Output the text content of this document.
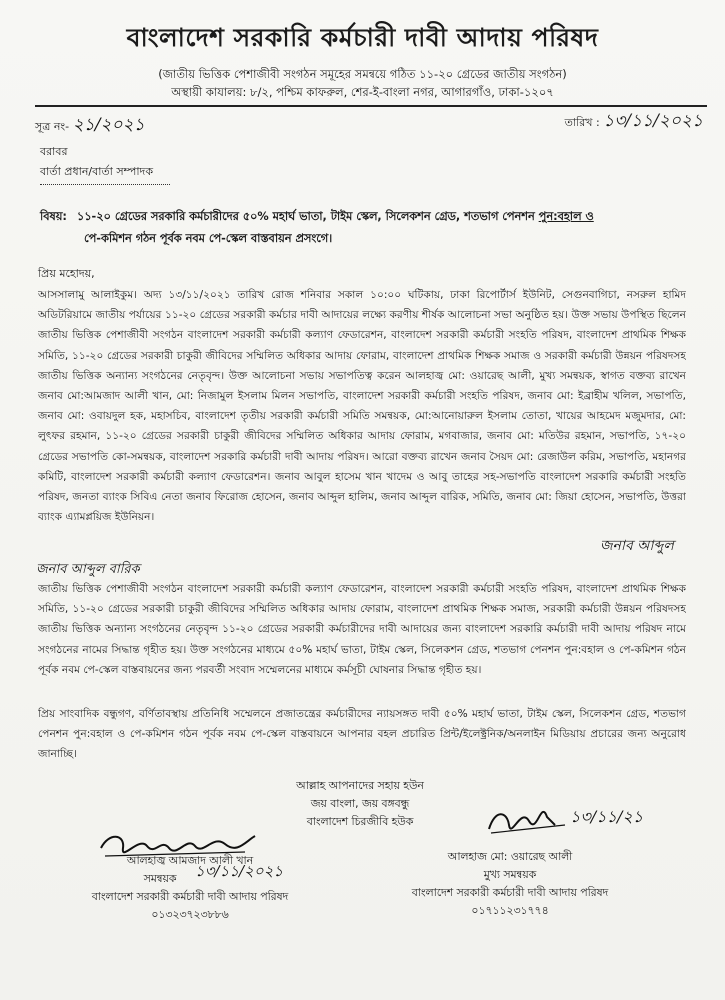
বাংলাদেশ সরকারি কর্মচারী দাবী আদায় পরিষদ
(জাতীয় ভিত্তিক পেশাজীবী সংগঠন সমূহের সমন্বয়ে গঠিত ১১-২০ গ্রেডের জাতীয় সংগঠন)
অস্থায়ী কাযালয়: ৮/২, পশ্চিম কাফরুল, শের-ই-বাংলা নগর, আগারগাঁও, ঢাকা-১২০৭
সূত্র নং- ২১/২০২১	তারিখ : ১৩/১১/২০২১
বরাবর
বার্তা প্রধান/বার্তা সম্পাদক
বিষয়: ১১-২০ গ্রেডের সরকারি কর্মচারীদের ৫০% মহার্ঘ ভাতা, টাইম স্কেল, সিলেকশন গ্রেড, শতভাগ পেনশন পুন:বহাল ও
পে-কমিশন গঠন পূর্বক নবম পে-স্কেল বাস্তবায়ন প্রসংগে।
প্রিয় মহোদয়,
আসসালামু আলাইকুম। অদ্য ১৩/১১/২০২১ তারিখ রোজ শনিবার সকাল ১০:০০ ঘটিকায়, ঢাকা রিপোর্টার্স ইউনিট, সেগুনবাগিচা, নসরুল হামিদ অডিটরিয়ামে জাতীয় পর্যায়ের ১১-২০ গ্রেডের সরকারী কর্মচার দাবী আদায়ের লক্ষ্যে করণীয় শীর্ষক আলোচনা সভা অনুষ্ঠিত হয়। উক্ত সভায় উপস্থিত ছিলেন জাতীয় ভিত্তিক পেশাজীবী সংগঠন বাংলাদেশ সরকারী কর্মচারী কল্যাণ ফেডারেশন, বাংলাদেশ সরকারী কর্মচারী সংহতি পরিষদ, বাংলাদেশ প্রাথমিক শিক্ষক সমিতি, ১১-২০ গ্রেডের সরকারী চাকুরী জীবিদের সম্মিলিত অধিকার আদায় ফোরাম, বাংলাদেশ প্রাথমিক শিক্ষক সমাজ ও সরকারী কর্মচারী উন্নয়ন পরিষদসহ জাতীয় ভিত্তিক অন্যান্য সংগঠনের নেতৃবৃন্দ। উক্ত আলোচনা সভায় সভাপতিত্ব করেন আলহাজ্ব মো: ওয়ারেছ আলী, মুখ্য সমন্বয়ক, স্বাগত বক্তব্য রাখেন জনাব মো:আমজাদ আলী খান, মো: নিজামুল ইসলাম মিলন সভাপতি, বাংলাদেশ সরকারী কর্মচারী সংহতি পরিষদ, জনাব মো: ইব্রাহীম খলিল, সভাপতি, জনাব মো: ওবায়দুল হক, মহাসচিব, বাংলাদেশ তৃতীয় সরকারী কর্মচারী সমিতি সমন্বয়ক, মো:আনোয়ারুল ইসলাম তোতা, খায়ের আহমেদ মজুমদার, মো: লুৎফর রহমান, ১১-২০ গ্রেডের সরকারী চাকুরী জীবিদের সম্মিলিত অধিকার আদায় ফোরাম, মগবাজার, জনাব মো: মতিউর রহমান, সভাপতি, ১৭-২০ গ্রেডের সভাপতি কো-সমন্বয়ক, বাংলাদেশ সরকারি কর্মচারী দাবী আদায় পরিষদ। আরো বক্তব্য রাখেন জনাব সৈয়দ মো: রেজাউল করিম, সভাপতি, মহানগর কমিটি, বাংলাদেশ সরকারী কর্মচারী কল্যাণ ফেডারেশন। জনাব আবুল হাসেম খান খাদেম ও আবু তাহের সহ-সভাপতি বাংলাদেশ সরকারি কর্মচারী সংহতি পরিষদ, জনতা ব্যাংক সিবিএ নেতা জনাব ফিরোজ হোসেন, জনাব আব্দুল হালিম, জনাব আব্দুল বারিক, সমিতি, জনাব মো: জিয়া হোসেন, সভাপতি, উত্তরা ব্যাংক এ্যামপ্লয়িজ ইউনিয়ন।
জনাব আব্দুল
জনাব আব্দুল বারিক
জাতীয় ভিত্তিক পেশাজীবী সংগঠন বাংলাদেশ সরকারী কর্মচারী কল্যাণ ফেডারেশন, বাংলাদেশ সরকারী কর্মচারী সংহতি পরিষদ, বাংলাদেশ প্রাথমিক শিক্ষক সমিতি, ১১-২০ গ্রেডের সরকারী চাকুরী জীবিদের সম্মিলিত অধিকার আদায় ফোরাম, বাংলাদেশ প্রাথমিক শিক্ষক সমাজ, সরকারী কর্মচারী উন্নয়ন পরিষদসহ জাতীয় ভিত্তিক অন্যান্য সংগঠনের নেতৃবৃন্দ ১১-২০ গ্রেডের সরকারী কর্মচারীদের দাবী আদায়ের জন্য বাংলাদেশ সরকারি কর্মচারী দাবী আদায় পরিষদ নামে সংগঠনের নামের সিদ্ধান্ত গৃহীত হয়। উক্ত সংগঠনের মাধ্যমে ৫০% মহার্ঘ ভাতা, টাইম স্কেল, সিলেকশন গ্রেড, শতভাগ পেনশন পুন:বহাল ও পে-কমিশন গঠন পূর্বক নবম পে-স্কেল বাস্তবায়নের জন্য পরবর্তী সংবাদ সম্মেলনের মাধ্যমে কর্মসূচী ঘোষনার সিদ্ধান্ত গৃহীত হয়।
প্রিয় সাংবাদিক বন্ধুগণ, বর্ণিতাবস্থায় প্রতিনিধি সম্মেলনে প্রজাতন্ত্রের কর্মচারীদের ন্যায়সঙ্গত দাবী ৫০% মহার্ঘ ভাতা, টাইম স্কেল, সিলেকশন গ্রেড, শতভাগ পেনশন পুন:বহাল ও পে-কমিশন গঠন পূর্বক নবম পে-স্কেল বাস্তবায়নে আপনার বহল প্রচারিত প্রিন্ট/ইলেক্ট্রনিক/অনলাইন মিডিয়ায় প্রচারের জন্য অনুরোধ জানাচ্ছি।
আল্লাহ আপনাদের সহায় হউন
জয় বাংলা, জয় বঙ্গবন্ধু
বাংলাদেশ চিরজীবি হউক
১৩/১১/২০২১
আলহাজ্ব আমজাদ আলী খান
সমন্বয়ক
বাংলাদেশ সরকারী কর্মচারী দাবী আদায় পরিষদ
০১৩২৩৭২৩৮৮৬
১৩/১১/২১
আলহাজ মো: ওয়ারেছ আলী
মুখ্য সমন্বয়ক
বাংলাদেশ সরকারী কর্মচারী দাবী আদায় পরিষদ
০১৭১১২৩১৭৭৪
